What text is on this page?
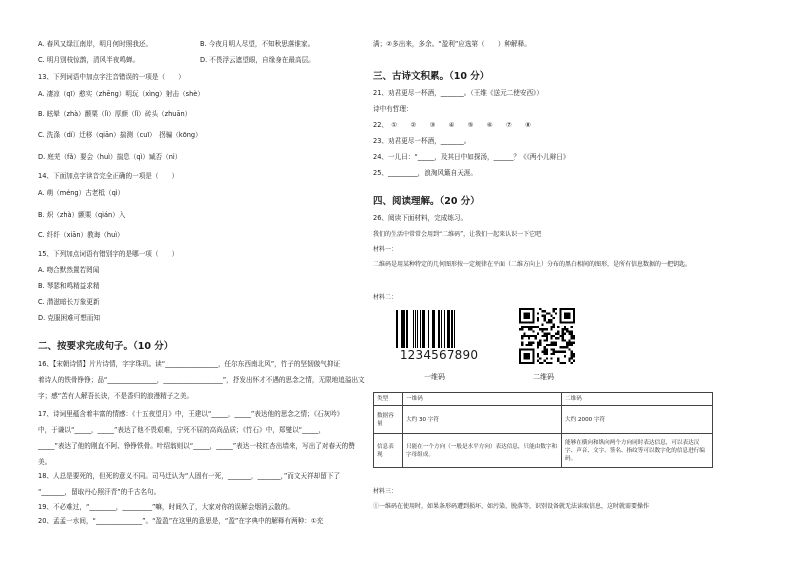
A. 春风又绿江南岸，明月何时照我还。	B. 今夜月明人尽望，不知秋思落谁家。
C. 明月别枝惊鹊，清风半夜鸣蝉。	D. 不畏浮云遮望眼，自缘身在最高层。
13、下列词语中加点字注音错误的一项是（　　）
A. 凄凉（qī）憨实（zhēng）明玩（xìng）射击（shè）
B. 眩晕（zhà）颤栗（lì）厚颜（lǐ）砖头（zhuān）
C. 洗涤（dí）迁移（qiān）揣测（cuī）　拐骗（kōng）
D. 庭芜（fǎ）要会（huì）揣息（qì）臧否（nì）
14、下面加点字读音完全正确的一项是（　　）
A. 萌（méng）古老柢（qì）
B. 炽（zhà）颤栗（qián）入
C. 纤纤（xiān）教诲（huì）
15、下列加点词语有错别字的是哪一项（　　）
A. 吻合默然置若罔闻
B. 琴瑟和鸣精益求精
C. 潜滋暗长万象更新
D. 克服困难可想而知
二、按要求完成句子。（10 分）
16、【宋朝诗情】片片诗情，字字珠玑。读“________________，任尔东西南北风”，竹子的坚韧傲气抑证
着诗人的铁骨铮铮；品“_______________，__________________”，抒发出怀才不遇的思念之情，无限地追溢出文
字；感“苦有人解吾长诀，不是香归的浪漫精子之美。
17、诗词里蕴含着丰富的情感：《十五夜望月》中，王建以“_____，_____”表达他的思念之情；《石灰吟》
中，于谦以“_____，_____”表达了他不畏艰难，宁死不屈的高尚品质；《竹石》中，郑燮以“_____，
_____”表达了他的刚直不阿、铮铮铁骨。叶绍翁则以“_____，_____”表达一枝红杏出墙来，写出了对春天的赞
美。
18、人总是要死的，但死的意义不同。司马迁认为“人固有一死，_______，_______，”而文天祥却留下了
“_______，留取丹心照汗青”的千古名句。
19、不必难过，“________，_________”嘛，时间久了，大家对你的误解会烟消云散的。
20、孟孟一水间，“______________”。“盈盈”在这里的意思是，“盈”在字典中的解释有两种：①充
满；②多出来，多余。“盈利”应选第（　　）种解释。
三、古诗文积累。（10 分）
21、劝君更尽一杯酒，_______。（王维《送元二使安西》）
诗中有哲理：
22、　①　　②　　③　　④　　⑤　　⑥　　⑦　　⑧
23、劝君更尽一杯酒，_______。
24、一儿曰：“_____，及其日中如探汤，______？《《两小儿辩日》
25、_________，浪淘风簸自天涯。
四、阅读理解。（20 分）
26、阅读下面材料，完成练习。
我们的生活中常常会用到“二维码”，让我们一起来认识一下它吧
材料一：
二维码是用某种特定的几何图形按一定规律在平面（二维方向上）分布的黑白相间的图形，是所有信息数据的一把钥匙。
材料二：
1234567890
一维码	二维码
类型	一维码	二维码
数据容量	大约 30 字符	大约 2000 字符
信息表现	只能在一个方向（一般是水平方向）表达信息，只能由数字和字母组成。	能够在横向和纵向两个方向同时表达信息，可以表达汉字、声音、文字、签名、指纹等可以数字化的信息进行编码。
材料三：
①一维码在使用时，如果条形码遭到损坏、如污染、脱落等，识别设备就无法读取信息，这时就需要操作
